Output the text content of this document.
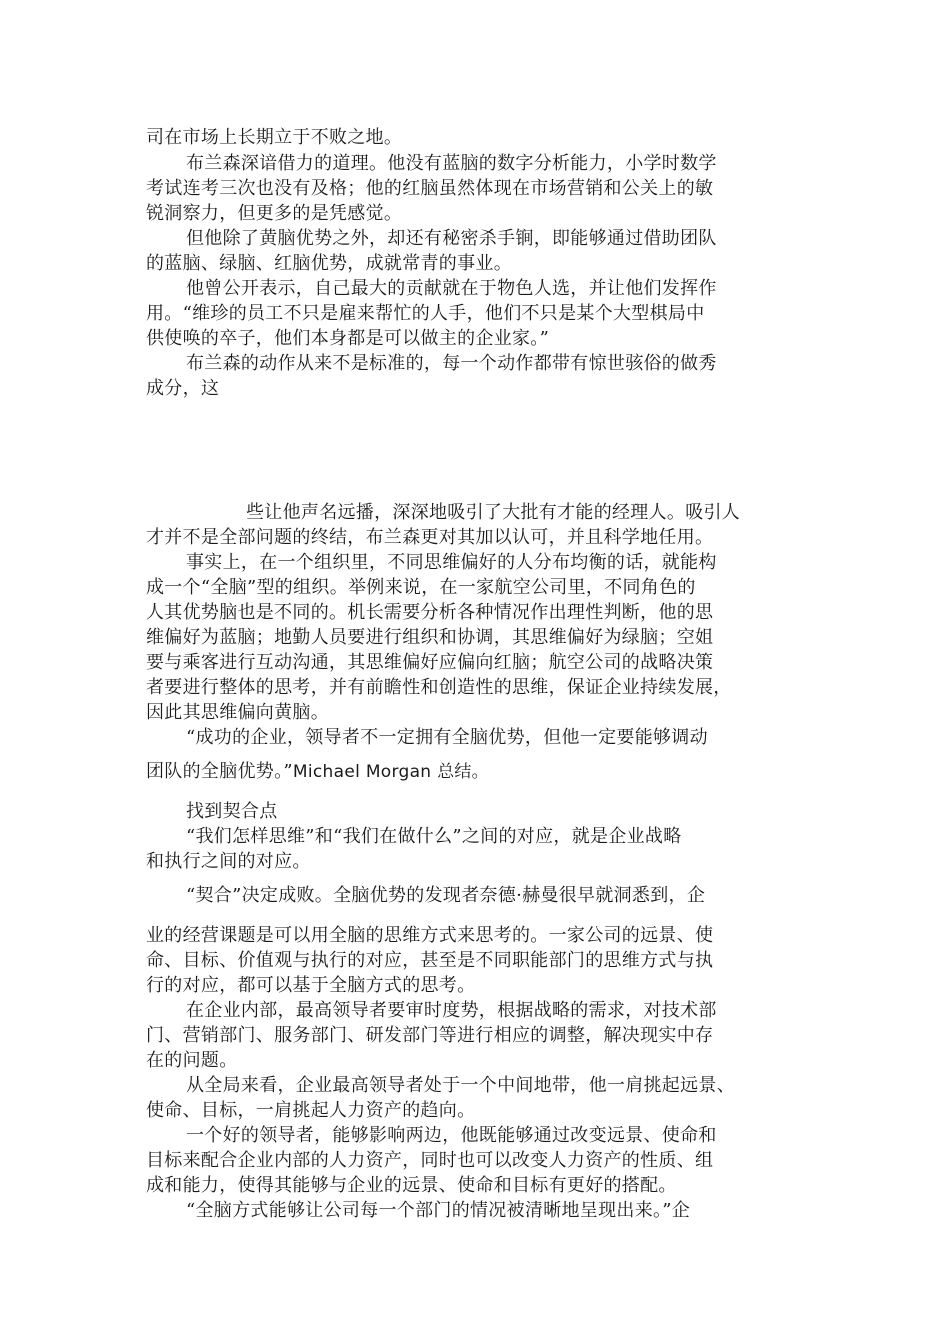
司在市场上长期立于不败之地。
布兰森深谙借力的道理。他没有蓝脑的数字分析能力，小学时数学
考试连考三次也没有及格；他的红脑虽然体现在市场营销和公关上的敏
锐洞察力，但更多的是凭感觉。
但他除了黄脑优势之外，却还有秘密杀手锏，即能够通过借助团队
的蓝脑、绿脑、红脑优势，成就常青的事业。
他曾公开表示，自己最大的贡献就在于物色人选，并让他们发挥作
用。“维珍的员工不只是雇来帮忙的人手，他们不只是某个大型棋局中
供使唤的卒子，他们本身都是可以做主的企业家。”
布兰森的动作从来不是标准的，每一个动作都带有惊世骇俗的做秀
成分，这
些让他声名远播，深深地吸引了大批有才能的经理人。吸引人
才并不是全部问题的终结，布兰森更对其加以认可，并且科学地任用。
事实上，在一个组织里，不同思维偏好的人分布均衡的话，就能构
成一个“全脑”型的组织。举例来说，在一家航空公司里，不同角色的
人其优势脑也是不同的。机长需要分析各种情况作出理性判断，他的思
维偏好为蓝脑；地勤人员要进行组织和协调，其思维偏好为绿脑；空姐
要与乘客进行互动沟通，其思维偏好应偏向红脑；航空公司的战略决策
者要进行整体的思考，并有前瞻性和创造性的思维，保证企业持续发展，
因此其思维偏向黄脑。
“成功的企业，领导者不一定拥有全脑优势，但他一定要能够调动
团队的全脑优势。”Michael Morgan 总结。
找到契合点
“我们怎样思维”和“我们在做什么”之间的对应，就是企业战略
和执行之间的对应。
“契合”决定成败。全脑优势的发现者奈德·赫曼很早就洞悉到，企
业的经营课题是可以用全脑的思维方式来思考的。一家公司的远景、使
命、目标、价值观与执行的对应，甚至是不同职能部门的思维方式与执
行的对应，都可以基于全脑方式的思考。
在企业内部，最高领导者要审时度势，根据战略的需求，对技术部
门、营销部门、服务部门、研发部门等进行相应的调整，解决现实中存
在的问题。
从全局来看，企业最高领导者处于一个中间地带，他一肩挑起远景、
使命、目标，一肩挑起人力资产的趋向。
一个好的领导者，能够影响两边，他既能够通过改变远景、使命和
目标来配合企业内部的人力资产，同时也可以改变人力资产的性质、组
成和能力，使得其能够与企业的远景、使命和目标有更好的搭配。
“全脑方式能够让公司每一个部门的情况被清晰地呈现出来。”企
